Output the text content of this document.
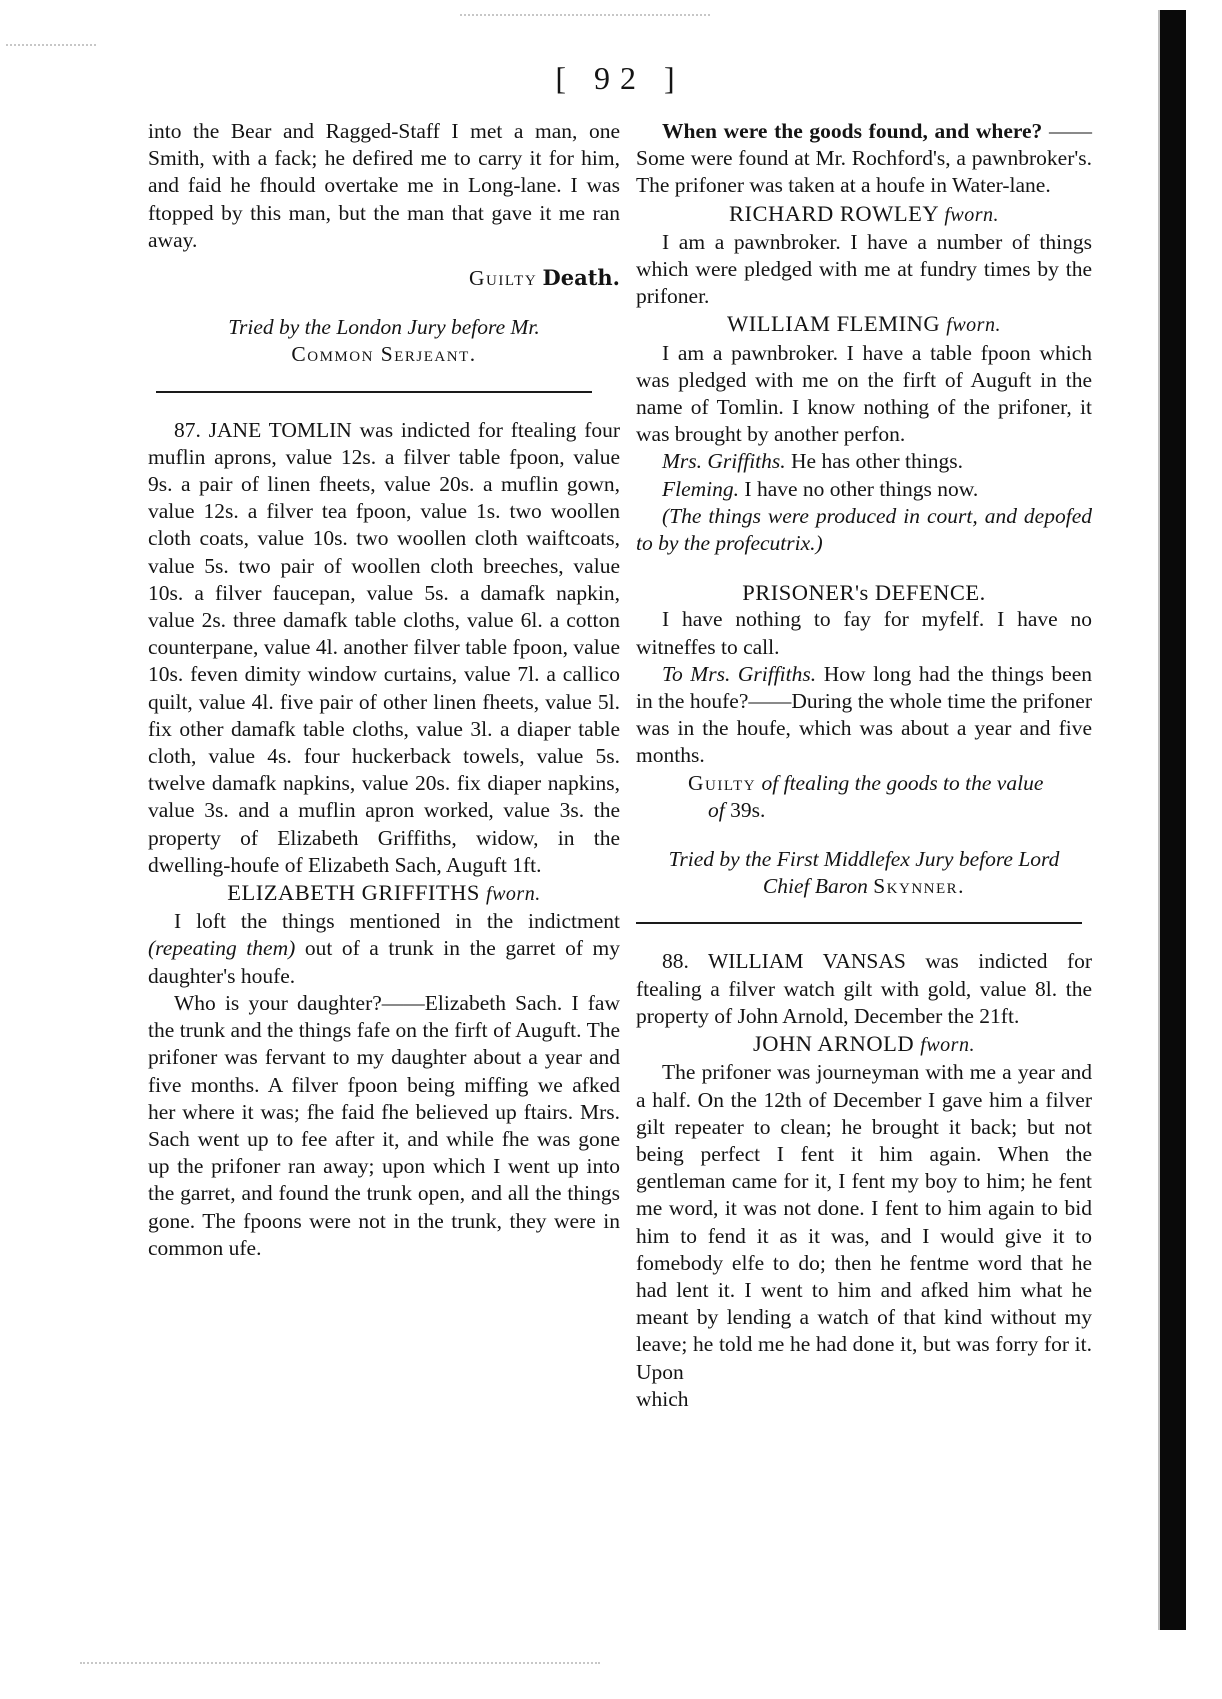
[ 92 ]

into the Bear and Ragged-Staff I met a man, one Smith, with a fack; he defired me to carry it for him, and faid he fhould overtake me in Long-lane. I was ftopped by this man, but the man that gave it me ran away.

Guilty Death.

Tried by the London Jury before Mr.
Common Serjeant.

87. JANE TOMLIN was indicted for ftealing four muflin aprons, value 12s. a filver table fpoon, value 9s. a pair of linen fheets, value 20s. a muflin gown, value 12s. a filver tea fpoon, value 1s. two woollen cloth coats, value 10s. two woollen cloth waiftcoats, value 5s. two pair of woollen cloth breeches, value 10s. a filver faucepan, value 5s. a damafk napkin, value 2s. three damafk table cloths, value 6l. a cotton counterpane, value 4l. another filver table fpoon, value 10s. feven dimity window curtains, value 7l. a callico quilt, value 4l. five pair of other linen fheets, value 5l. fix other damafk table cloths, value 3l. a diaper table cloth, value 4s. four huckerback towels, value 5s. twelve damafk napkins, value 20s. fix diaper napkins, value 3s. and a muflin apron worked, value 3s. the property of Elizabeth Griffiths, widow, in the dwelling-houfe of Elizabeth Sach, Auguft 1ft.

ELIZABETH GRIFFITHS fworn.

I loft the things mentioned in the indictment (repeating them) out of a trunk in the garret of my daughter's houfe.

Who is your daughter?——Elizabeth Sach. I faw the trunk and the things fafe on the firft of Auguft. The prifoner was fervant to my daughter about a year and five months. A filver fpoon being miffing we afked her where it was; fhe faid fhe believed up ftairs. Mrs. Sach went up to fee after it, and while fhe was gone up the prifoner ran away; upon which I went up into the garret, and found the trunk open, and all the things gone. The fpoons were not in the trunk, they were in common ufe.

When were the goods found, and where? ——Some were found at Mr. Rochford's, a pawnbroker's. The prifoner was taken at a houfe in Water-lane.

RICHARD ROWLEY fworn.

I am a pawnbroker. I have a number of things which were pledged with me at fundry times by the prifoner.

WILLIAM FLEMING fworn.

I am a pawnbroker. I have a table fpoon which was pledged with me on the firft of Auguft in the name of Tomlin. I know nothing of the prifoner, it was brought by another perfon.

Mrs. Griffiths. He has other things.

Fleming. I have no other things now.

(The things were produced in court, and depofed to by the profecutrix.)

PRISONER's DEFENCE.

I have nothing to fay for myfelf. I have no witneffes to call.

To Mrs. Griffiths. How long had the things been in the houfe?——During the whole time the prifoner was in the houfe, which was about a year and five months.

Guilty of ftealing the goods to the value

of 39s.

Tried by the First Middlefex Jury before Lord
Chief Baron Skynner.

88. WILLIAM VANSAS was indicted for ftealing a filver watch gilt with gold, value 8l. the property of John Arnold, December the 21ft.

JOHN ARNOLD fworn.

The prifoner was journeyman with me a year and a half. On the 12th of December I gave him a filver gilt repeater to clean; he brought it back; but not being perfect I fent it him again. When the gentleman came for it, I fent my boy to him; he fent me word, it was not done. I fent to him again to bid him to fend it as it was, and I would give it to fomebody elfe to do; then he fentme word that he had lent it. I went to him and afked him what he meant by lending a watch of that kind without my leave; he told me he had done it, but was forry for it. Upon

which
